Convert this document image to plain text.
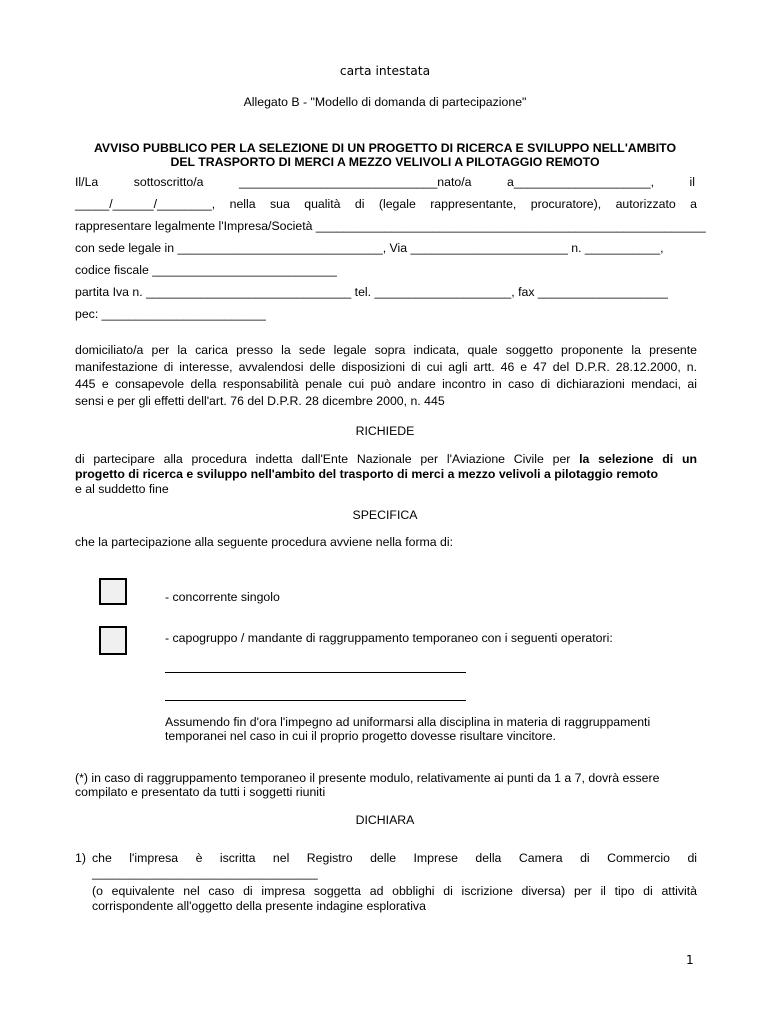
carta intestata
Allegato B - "Modello di domanda di partecipazione"
AVVISO PUBBLICO PER LA SELEZIONE DI UN PROGETTO DI RICERCA E SVILUPPO NELL'AMBITO
DEL TRASPORTO DI MERCI A MEZZO VELIVOLI A PILOTAGGIO REMOTO
Il/La	sottoscritto/a	_____________________________nato/a	a____________________,	il
_____/______/________, nella sua qualità di (legale rappresentante, procuratore), autorizzato a
rappresentare legalmente l'Impresa/Società _________________________________________________________
con sede legale in ______________________________, Via _______________________ n. ___________,
codice fiscale ___________________________
partita Iva n. ______________________________ tel. ____________________, fax ___________________
pec: ________________________
domiciliato/a per la carica presso la sede legale sopra indicata, quale soggetto proponente la presente
manifestazione di interesse, avvalendosi delle disposizioni di cui agli artt. 46 e 47 del D.P.R. 28.12.2000, n.
445 e consapevole della responsabilità penale cui può andare incontro in caso di dichiarazioni mendaci, ai
sensi e per gli effetti dell'art. 76 del D.P.R. 28 dicembre 2000, n. 445
RICHIEDE
di partecipare alla procedura indetta dall'Ente Nazionale per l'Aviazione Civile per la selezione di un
progetto di ricerca e sviluppo nell'ambito del trasporto di merci a mezzo velivoli a pilotaggio remoto
e al suddetto fine
SPECIFICA
che la partecipazione alla seguente procedura avviene nella forma di:
- concorrente singolo
- capogruppo / mandante di raggruppamento temporaneo con i seguenti operatori:
Assumendo fin d'ora l'impegno ad uniformarsi alla disciplina in materia di raggruppamenti
temporanei nel caso in cui il proprio progetto dovesse risultare vincitore.
(*) in caso di raggruppamento temporaneo il presente modulo, relativamente ai punti da 1 a 7, dovrà essere
compilato e presentato da tutti i soggetti riuniti
DICHIARA
1) che l'impresa è iscritta nel Registro delle Imprese della Camera di Commercio di
_________________________________
(o equivalente nel caso di impresa soggetta ad obblighi di iscrizione diversa) per il tipo di attività
corrispondente all'oggetto della presente indagine esplorativa
1
